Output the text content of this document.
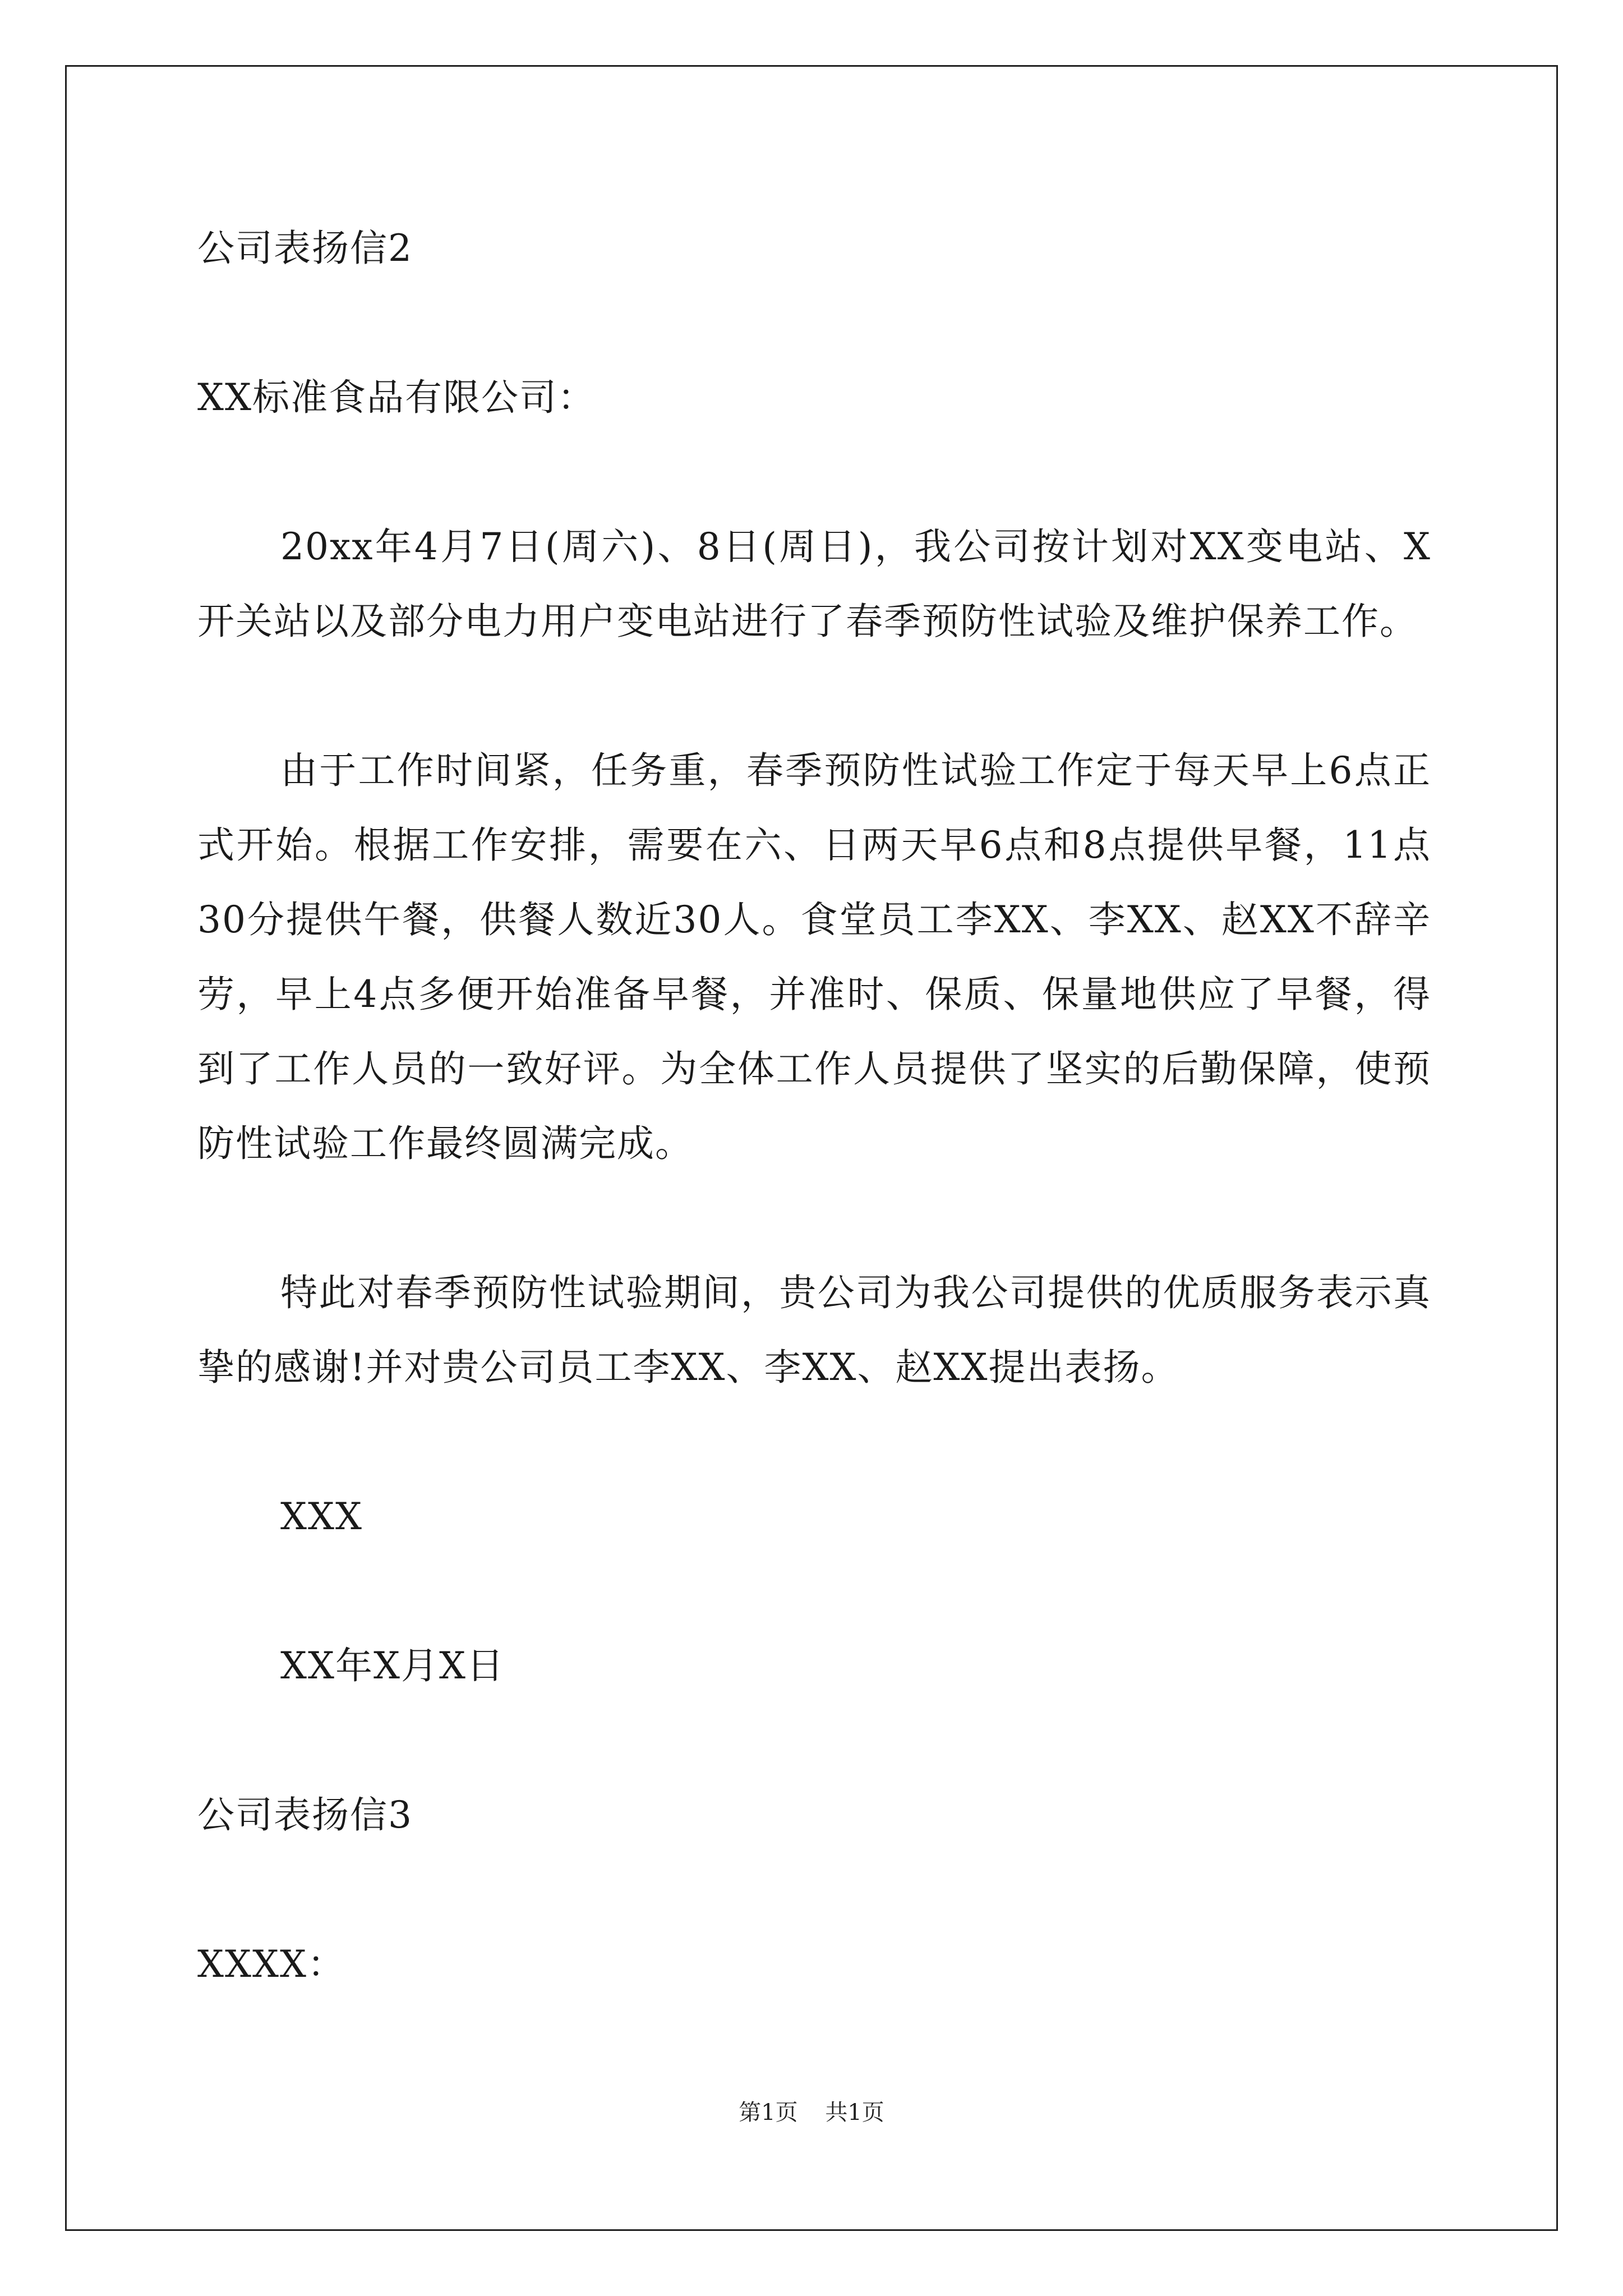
公司表扬信2

XX标准食品有限公司：

20xx年4月7日(周六)、8日(周日)，我公司按计划对XX变电站、X开关站以及部分电力用户变电站进行了春季预防性试验及维护保养工作。

由于工作时间紧，任务重，春季预防性试验工作定于每天早上6点正式开始。根据工作安排，需要在六、日两天早6点和8点提供早餐，11点30分提供午餐，供餐人数近30人。食堂员工李XX、李XX、赵XX不辞辛劳，早上4点多便开始准备早餐，并准时、保质、保量地供应了早餐，得到了工作人员的一致好评。为全体工作人员提供了坚实的后勤保障，使预防性试验工作最终圆满完成。

特此对春季预防性试验期间，贵公司为我公司提供的优质服务表示真挚的感谢!并对贵公司员工李XX、李XX、赵XX提出表扬。

XXX

XX年X月X日

公司表扬信3

XXXX：

第1页 共1页
